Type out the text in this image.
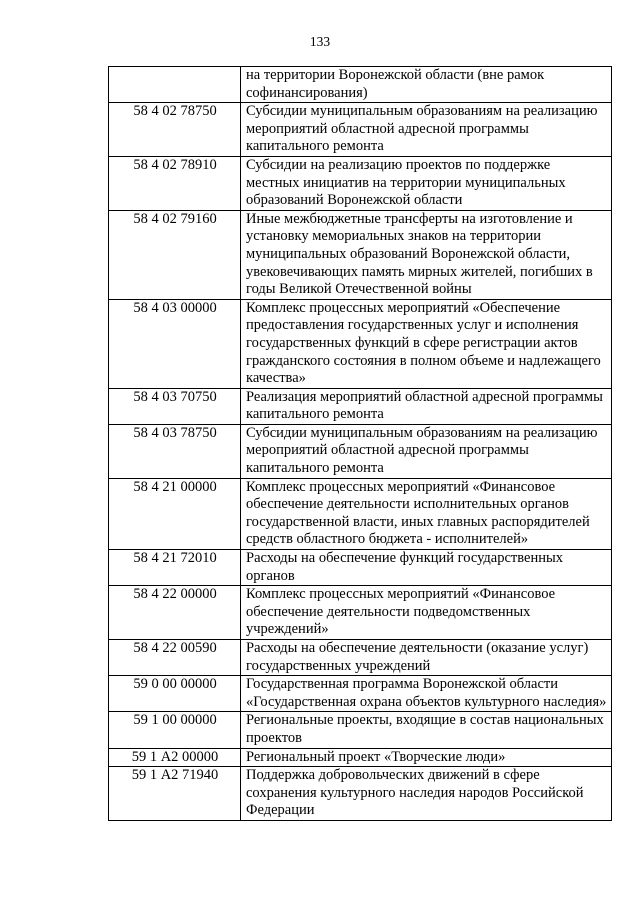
133
	на территории Воронежской области (вне рамок софинансирования)
58 4 02 78750	Субсидии муниципальным образованиям на реализацию мероприятий областной адресной программы капитального ремонта
58 4 02 78910	Субсидии на реализацию проектов по поддержке местных инициатив на территории муниципальных образований Воронежской области
58 4 02 79160	Иные межбюджетные трансферты на изготовление и установку мемориальных знаков на территории муниципальных образований Воронежской области, увековечивающих память мирных жителей, погибших в годы Великой Отечественной войны
58 4 03 00000	Комплекс процессных мероприятий «Обеспечение предоставления государственных услуг и исполнения государственных функций в сфере регистрации актов гражданского состояния в полном объеме и надлежащего качества»
58 4 03 70750	Реализация мероприятий областной адресной программы капитального ремонта
58 4 03 78750	Субсидии муниципальным образованиям на реализацию мероприятий областной адресной программы капитального ремонта
58 4 21 00000	Комплекс процессных мероприятий «Финансовое обеспечение деятельности исполнительных органов государственной власти, иных главных распорядителей средств областного бюджета - исполнителей»
58 4 21 72010	Расходы на обеспечение функций государственных органов
58 4 22 00000	Комплекс процессных мероприятий «Финансовое обеспечение деятельности подведомственных учреждений»
58 4 22 00590	Расходы на обеспечение деятельности (оказание услуг) государственных учреждений
59 0 00 00000	Государственная программа Воронежской области «Государственная охрана объектов культурного наследия»
59 1 00 00000	Региональные проекты, входящие в состав национальных проектов
59 1 А2 00000	Региональный проект «Творческие люди»
59 1 А2 71940	Поддержка добровольческих движений в сфере сохранения культурного наследия народов Российской Федерации
